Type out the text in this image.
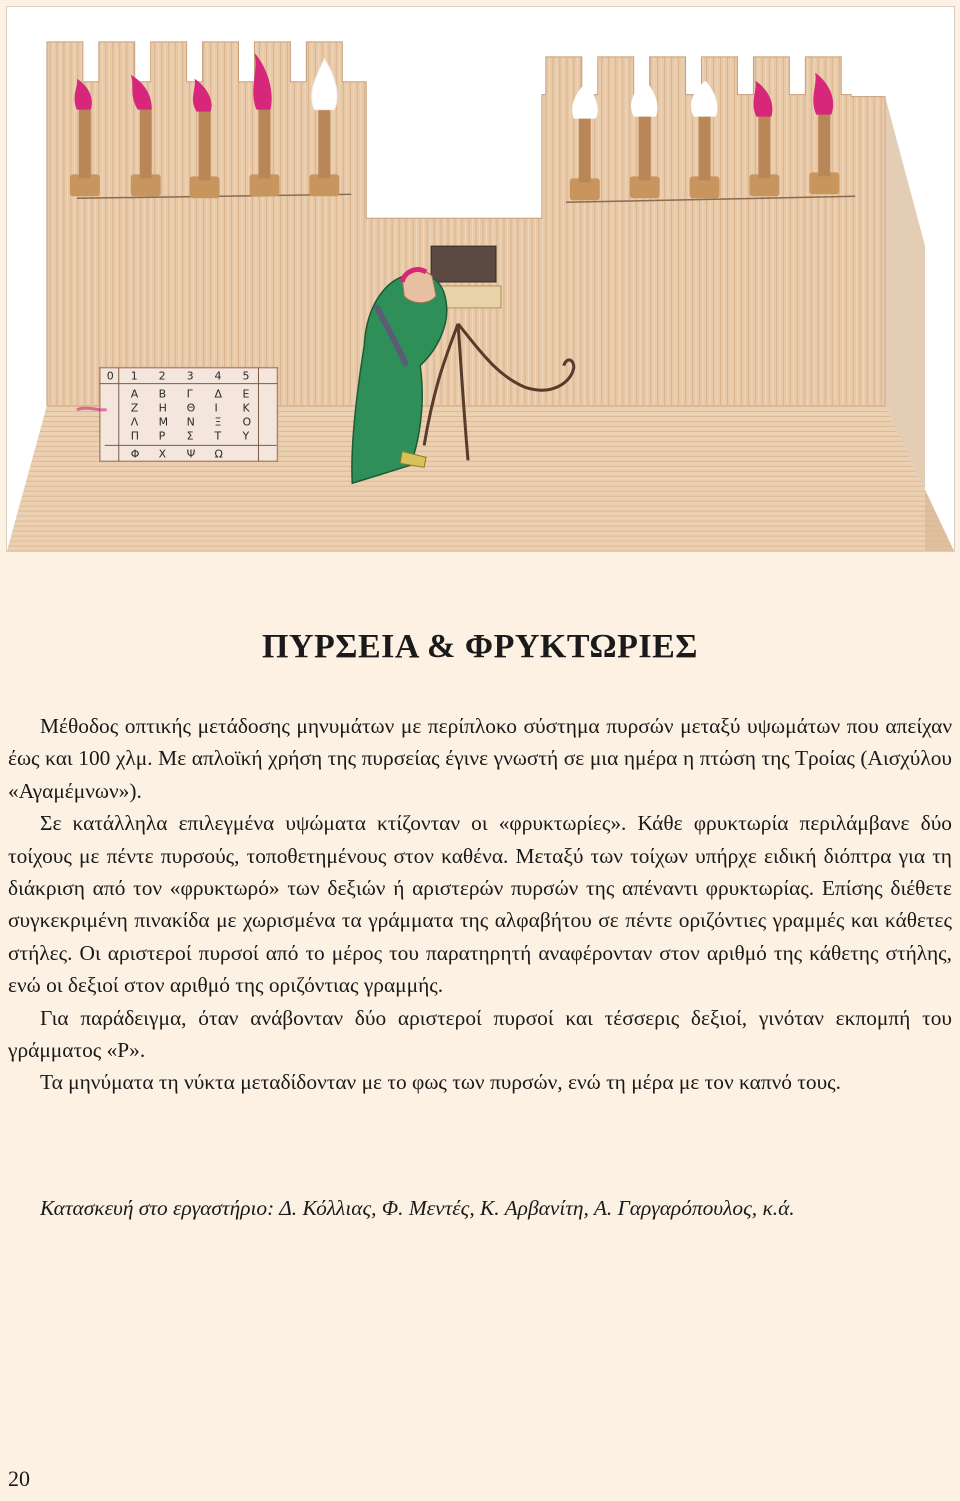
0 1 2 3 4 5
Α Β Γ Δ Ε
Ζ Η Θ Ι Κ
Λ Μ Ν Ξ Ο
Π Ρ Σ Τ Υ
Φ Χ Ψ Ω
ΠΥΡΣΕΙΑ & ΦΡΥΚΤΩΡΙΕΣ

Μέθοδος οπτικής μετάδοσης μηνυμάτων με περίπλοκο σύστημα πυρσών μεταξύ υψωμάτων που απείχαν έως και 100 χλμ. Με απλοϊκή χρήση της πυρσείας έγινε γνωστή σε μια ημέρα η πτώση της Τροίας (Αισχύλου «Αγαμέμνων»).

Σε κατάλληλα επιλεγμένα υψώματα κτίζονταν οι «φρυκτωρίες». Κάθε φρυκτωρία περιλάμβανε δύο τοίχους με πέντε πυρσούς, τοποθετημένους στον καθένα. Μεταξύ των τοίχων υπήρχε ειδική διόπτρα για τη διάκριση από τον «φρυκτωρό» των δεξιών ή αριστερών πυρσών της απέναντι φρυκτωρίας. Επίσης διέθετε συγκεκριμένη πινακίδα με χωρισμένα τα γράμματα της αλφαβήτου σε πέντε οριζόντιες γραμμές και κάθετες στήλες. Οι αριστεροί πυρσοί από το μέρος του παρατηρητή αναφέρονταν στον αριθμό της κάθετης στήλης, ενώ οι δεξιοί στον αριθμό της οριζόντιας γραμμής.

Για παράδειγμα, όταν ανάβονταν δύο αριστεροί πυρσοί και τέσσερις δεξιοί, γινόταν εκπομπή του γράμματος «Ρ».

Τα μηνύματα τη νύκτα μεταδίδονταν με το φως των πυρσών, ενώ τη μέρα με τον καπνό τους.

Κατασκευή στο εργαστήριο: Δ. Κόλλιας, Φ. Μεντές, Κ. Αρβανίτη, Α. Γαργαρόπουλος, κ.ά.

20
